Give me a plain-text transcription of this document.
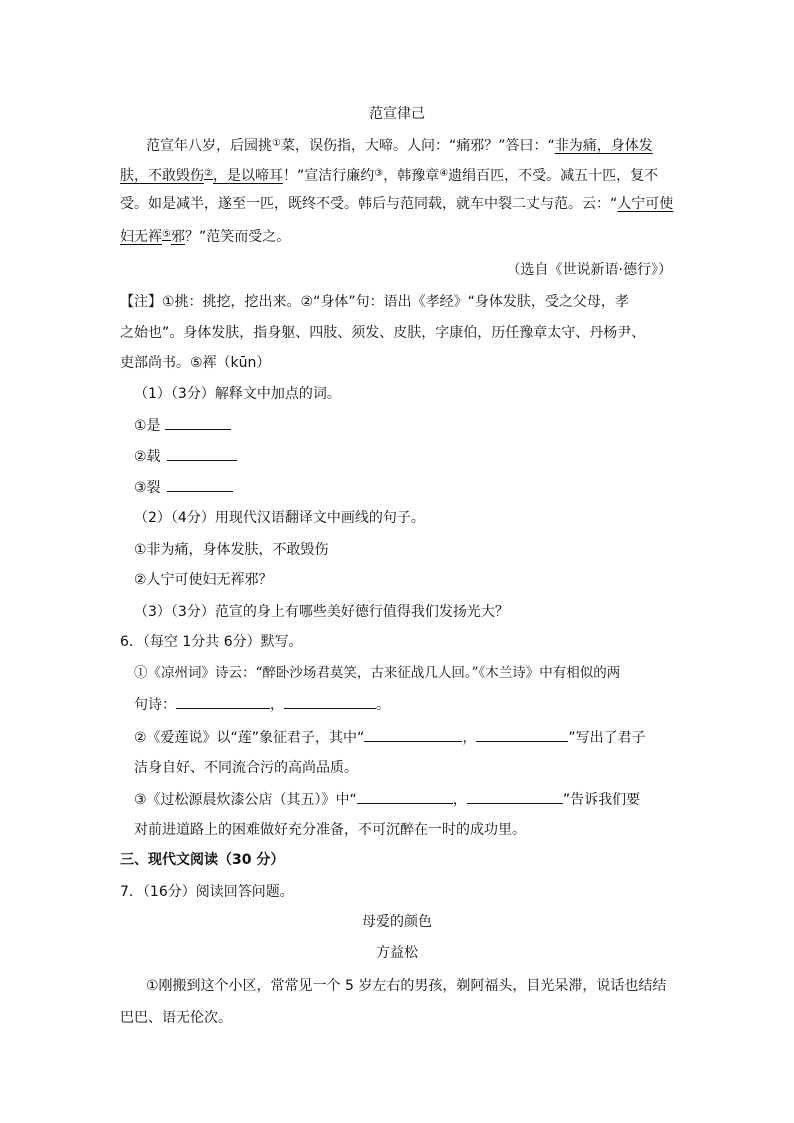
范宣律己
范宣年八岁，后园挑①菜，误伤指，大啼。人问：“痛邪？”答曰：“非为痛，身体发
肤，不敢毁伤②，是以啼耳！”宣洁行廉约③，韩豫章④遗绢百匹，不受。减五十匹，复不
受。如是减半，遂至一匹，既终不受。韩后与范同载，就车中裂二丈与范。云：“人宁可使
妇无裈⑤邪？”范笑而受之。
（选自《世说新语·德行》）
【注】①挑：挑挖，挖出来。②“身体”句：语出《孝经》“身体发肤，受之父母，孝
之始也”。身体发肤，指身躯、四肢、须发、皮肤，字康伯，历任豫章太守、丹杨尹、
吏部尚书。⑤裈（kūn）
（1）（3分）解释文中加点的词。
①是
②载
③裂
（2）（4分）用现代汉语翻译文中画线的句子。
①非为痛，身体发肤，不敢毁伤
②人宁可使妇无裈邪？
（3）（3分）范宣的身上有哪些美好德行值得我们发扬光大？
6．（每空 1分共 6分）默写。
①《凉州词》诗云：“醉卧沙场君莫笑，古来征战几人回。”《木兰诗》中有相似的两
句诗：	，	。
②《爱莲说》以“莲”象征君子，其中“	，	”写出了君子
洁身自好、不同流合污的高尚品质。
③《过松源晨炊漆公店（其五）》中“	，	”告诉我们要
对前进道路上的困难做好充分准备，不可沉醉在一时的成功里。
三、现代文阅读（30 分）
7．（16分）阅读回答问题。
母爱的颜色
方益松
①刚搬到这个小区，常常见一个 5 岁左右的男孩，剃阿福头，目光呆滞，说话也结结
巴巴、语无伦次。
